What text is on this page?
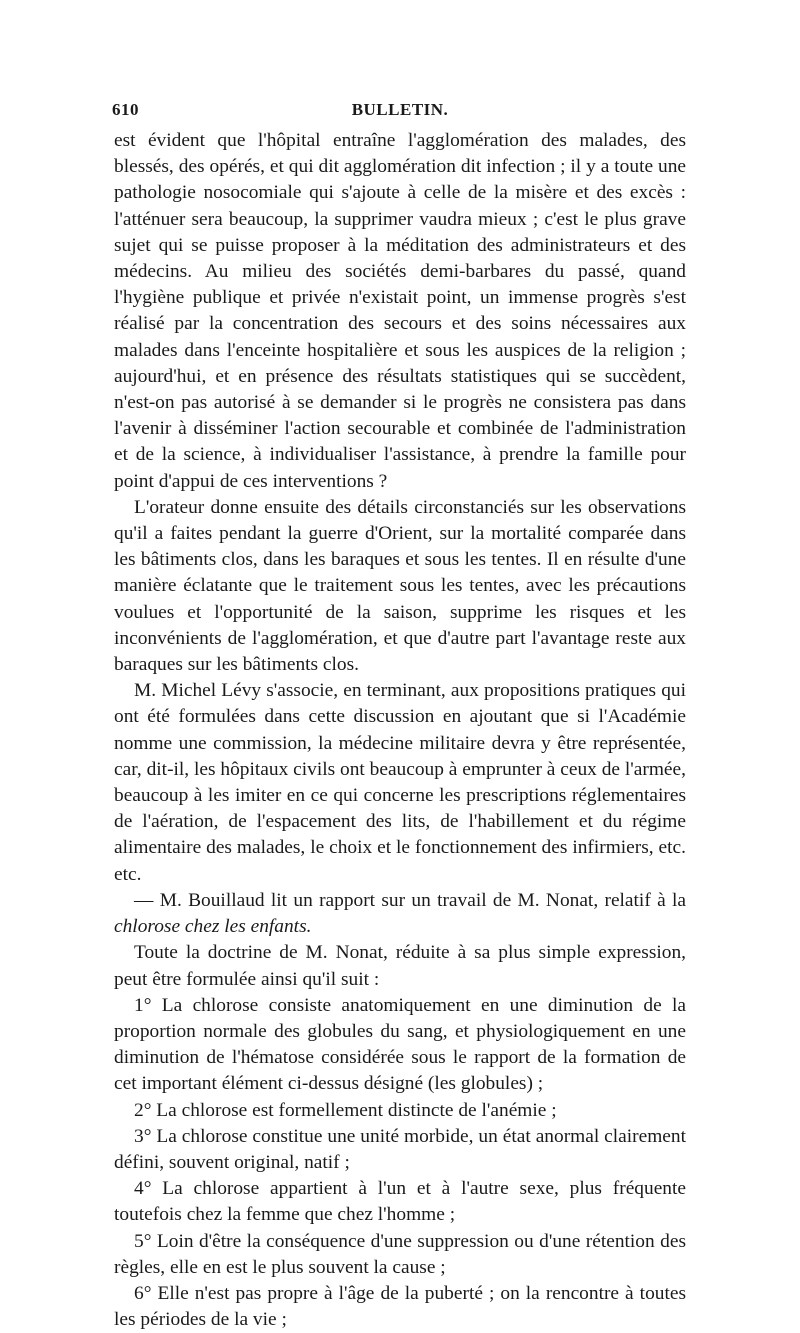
610	BULLETIN.

est évident que l'hôpital entraîne l'agglomération des malades, des blessés, des opérés, et qui dit agglomération dit infection ; il y a toute une pathologie nosocomiale qui s'ajoute à celle de la misère et des excès : l'atténuer sera beaucoup, la supprimer vaudra mieux ; c'est le plus grave sujet qui se puisse proposer à la méditation des administrateurs et des médecins. Au milieu des sociétés demi-barbares du passé, quand l'hygiène publique et privée n'existait point, un immense progrès s'est réalisé par la concentration des secours et des soins nécessaires aux malades dans l'enceinte hospitalière et sous les auspices de la religion ; aujourd'hui, et en présence des résultats statistiques qui se succèdent, n'est-on pas autorisé à se demander si le progrès ne consistera pas dans l'avenir à disséminer l'action secourable et combinée de l'administration et de la science, à individualiser l'assistance, à prendre la famille pour point d'appui de ces interventions ?

L'orateur donne ensuite des détails circonstanciés sur les observations qu'il a faites pendant la guerre d'Orient, sur la mortalité comparée dans les bâtiments clos, dans les baraques et sous les tentes. Il en résulte d'une manière éclatante que le traitement sous les tentes, avec les précautions voulues et l'opportunité de la saison, supprime les risques et les inconvénients de l'agglomération, et que d'autre part l'avantage reste aux baraques sur les bâtiments clos.

M. Michel Lévy s'associe, en terminant, aux propositions pratiques qui ont été formulées dans cette discussion en ajoutant que si l'Académie nomme une commission, la médecine militaire devra y être représentée, car, dit-il, les hôpitaux civils ont beaucoup à emprunter à ceux de l'armée, beaucoup à les imiter en ce qui concerne les prescriptions réglementaires de l'aération, de l'espacement des lits, de l'habillement et du régime alimentaire des malades, le choix et le fonctionnement des infirmiers, etc. etc.

— M. Bouillaud lit un rapport sur un travail de M. Nonat, relatif à la chlorose chez les enfants.

Toute la doctrine de M. Nonat, réduite à sa plus simple expression, peut être formulée ainsi qu'il suit :

1° La chlorose consiste anatomiquement en une diminution de la proportion normale des globules du sang, et physiologiquement en une diminution de l'hématose considérée sous le rapport de la formation de cet important élément ci-dessus désigné (les globules) ;

2° La chlorose est formellement distincte de l'anémie ;

3° La chlorose constitue une unité morbide, un état anormal clairement défini, souvent original, natif ;

4° La chlorose appartient à l'un et à l'autre sexe, plus fréquente toutefois chez la femme que chez l'homme ;

5° Loin d'être la conséquence d'une suppression ou d'une rétention des règles, elle en est le plus souvent la cause ;

6° Elle n'est pas propre à l'âge de la puberté ; on la rencontre à toutes les périodes de la vie ;
